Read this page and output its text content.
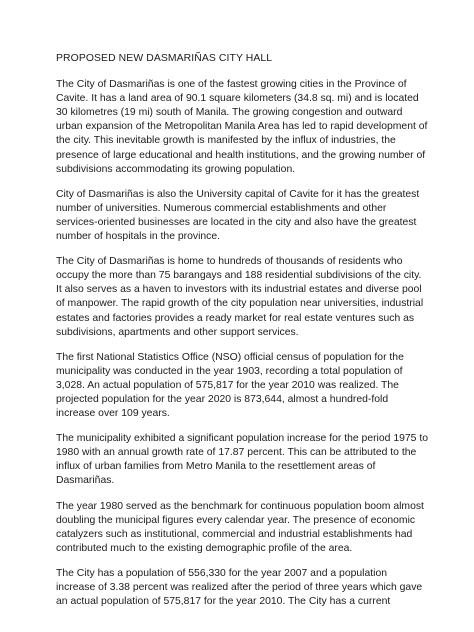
PROPOSED NEW DASMARIÑAS CITY HALL

The City of Dasmariñas is one of the fastest growing cities in the Province of Cavite. It has a land area of 90.1 square kilometers (34.8 sq. mi) and is located 30 kilometres (19 mi) south of Manila. The growing congestion and outward urban expansion of the Metropolitan Manila Area has led to rapid development of the city. This inevitable growth is manifested by the influx of industries, the presence of large educational and health institutions, and the growing number of subdivisions accommodating its growing population.

City of Dasmariñas is also the University capital of Cavite for it has the greatest number of universities. Numerous commercial establishments and other services-oriented businesses are located in the city and also have the greatest number of hospitals in the province.

The City of Dasmariñas is home to hundreds of thousands of residents who occupy the more than 75 barangays and 188 residential subdivisions of the city. It also serves as a haven to investors with its industrial estates and diverse pool of manpower. The rapid growth of the city population near universities, industrial estates and factories provides a ready market for real estate ventures such as subdivisions, apartments and other support services.

The first National Statistics Office (NSO) official census of population for the municipality was conducted in the year 1903, recording a total population of 3,028. An actual population of 575,817 for the year 2010 was realized. The projected population for the year 2020 is 873,644, almost a hundred-fold increase over 109 years.

The municipality exhibited a significant population increase for the period 1975 to 1980 with an annual growth rate of 17.87 percent. This can be attributed to the influx of urban families from Metro Manila to the resettlement areas of Dasmariñas.

The year 1980 served as the benchmark for continuous population boom almost doubling the municipal figures every calendar year. The presence of economic catalyzers such as institutional, commercial and industrial establishments had contributed much to the existing demographic profile of the area.

The City has a population of 556,330 for the year 2007 and a population increase of 3.38 percent was realized after the period of three years which gave an actual population of 575,817 for the year 2010. The City has a current
